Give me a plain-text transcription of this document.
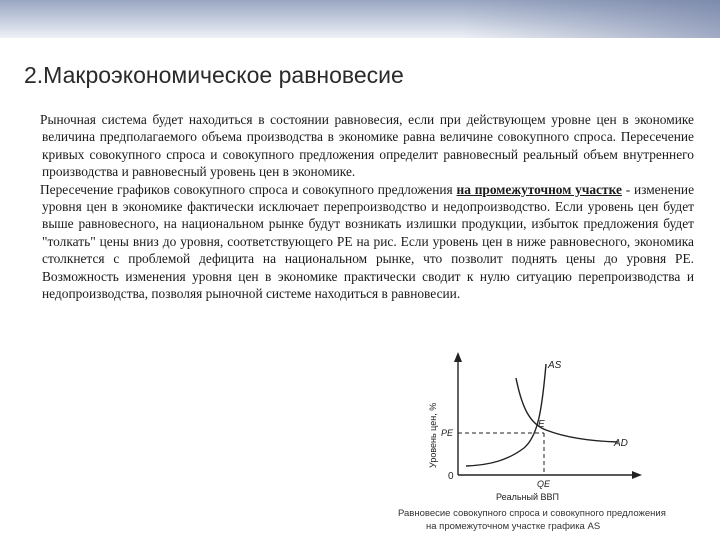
2.Макроэкономическое равновесие

Рыночная система будет находиться в состоянии равновесия, если при действующем уровне цен в экономике величина предполагаемого объема производства в экономике равна величине совокупного спроса. Пересечение кривых совокупного спроса и совокупного предложения определит равновесный реальный объем внутреннего производства и равновесный уровень цен в экономике.

Пересечение графиков совокупного спроса и совокупного предложения на промежуточном участке - изменение уровня цен в экономике фактически исключает перепроизводство и недопроизводство. Если уровень цен будет выше равновесного, на национальном рынке будут возникать излишки продукции, избыток предложения будет "толкать" цены вниз до уровня, соответствующего PE на рис. Если уровень цен в ниже равновесного, экономика столкнется с проблемой дефицита на национальном рынке, что позволит поднять цены до уровня PE. Возможность изменения уровня цен в экономике практически сводит к нулю ситуацию перепроизводства и недопроизводства, позволяя рыночной системе находиться в равновесии.

Уровень цен, %
0
PE
QE
E
AS
AD
Реальный ВВП
Равновесие совокупного спроса и совокупного предложения
на промежуточном участке графика AS
